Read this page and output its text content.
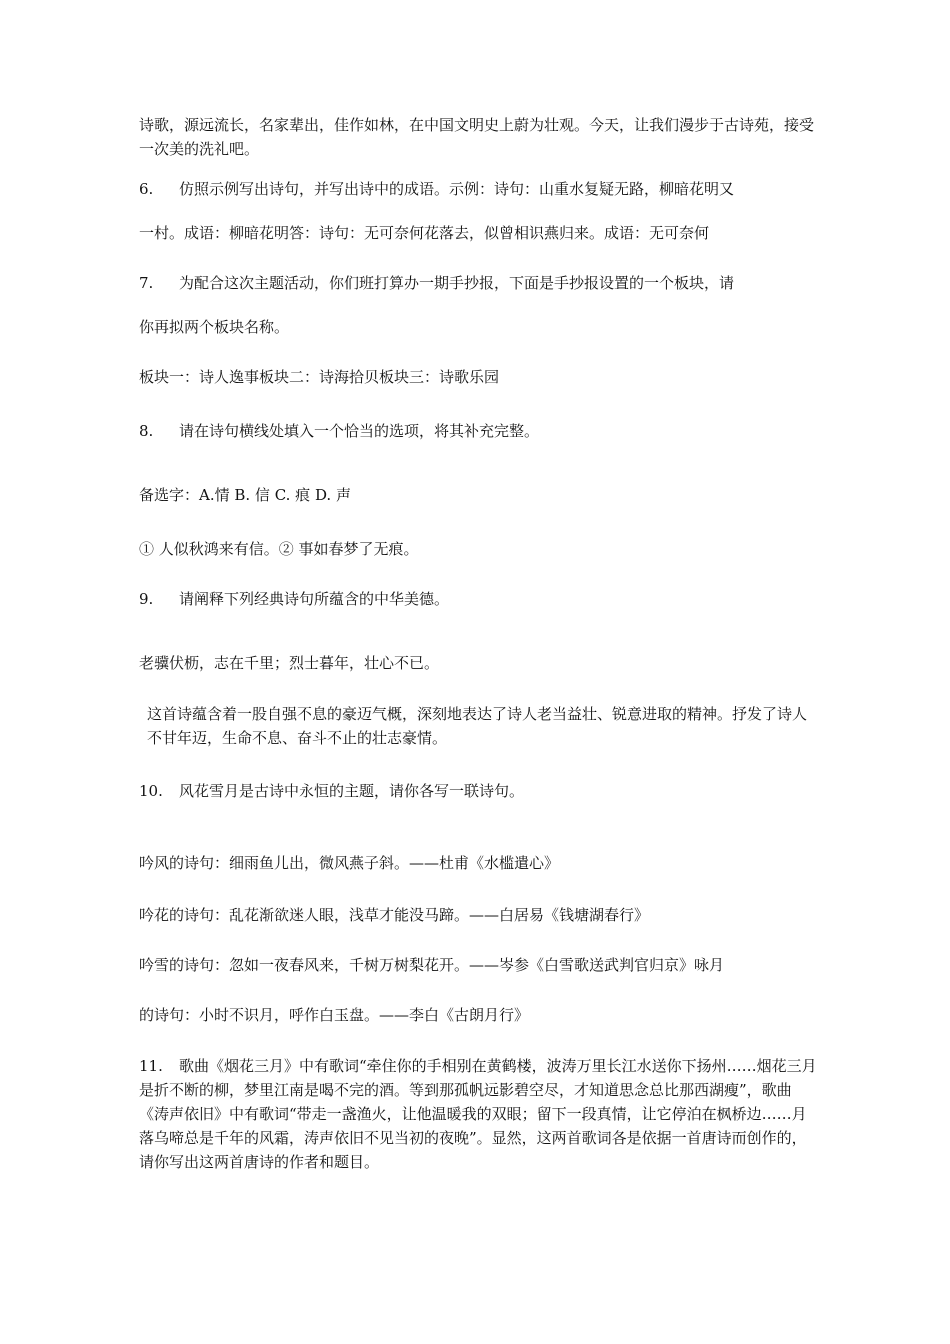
诗歌，源远流长，名家辈出，佳作如林，在中国文明史上蔚为壮观。今天，让我们漫步于古诗苑，接受一次美的洗礼吧。
6. 仿照示例写出诗句，并写出诗中的成语。示例：诗句：山重水复疑无路，柳暗花明又
一村。成语：柳暗花明答：诗句：无可奈何花落去，似曾相识燕归来。成语：无可奈何
7. 为配合这次主题活动，你们班打算办一期手抄报，下面是手抄报设置的一个板块，请
你再拟两个板块名称。
板块一：诗人逸事板块二：诗海拾贝板块三：诗歌乐园
8. 请在诗句横线处填入一个恰当的选项，将其补充完整。
备选字：A.情 B. 信 C. 痕 D. 声
① 人似秋鸿来有信。② 事如春梦了无痕。
9. 请阐释下列经典诗句所蕴含的中华美德。
老骥伏枥，志在千里；烈士暮年，壮心不已。
这首诗蕴含着一股自强不息的豪迈气概，深刻地表达了诗人老当益壮、锐意进取的精神。抒发了诗人不甘年迈，生命不息、奋斗不止的壮志豪情。
10. 风花雪月是古诗中永恒的主题，请你各写一联诗句。
吟风的诗句：细雨鱼儿出，微风燕子斜。——杜甫《水槛遣心》
吟花的诗句：乱花渐欲迷人眼，浅草才能没马蹄。——白居易《钱塘湖春行》
吟雪的诗句：忽如一夜春风来，千树万树梨花开。——岑参《白雪歌送武判官归京》咏月
的诗句：小时不识月，呼作白玉盘。——李白《古朗月行》
11. 歌曲《烟花三月》中有歌词“牵住你的手相别在黄鹤楼，波涛万里长江水送你下扬州……烟花三月是折不断的柳，梦里江南是喝不完的酒。等到那孤帆远影碧空尽，才知道思念总比那西湖瘦”，歌曲《涛声依旧》中有歌词“带走一盏渔火，让他温暖我的双眼；留下一段真情，让它停泊在枫桥边……月落乌啼总是千年的风霜，涛声依旧不见当初的夜晚”。显然，这两首歌词各是依据一首唐诗而创作的，请你写出这两首唐诗的作者和题目。
